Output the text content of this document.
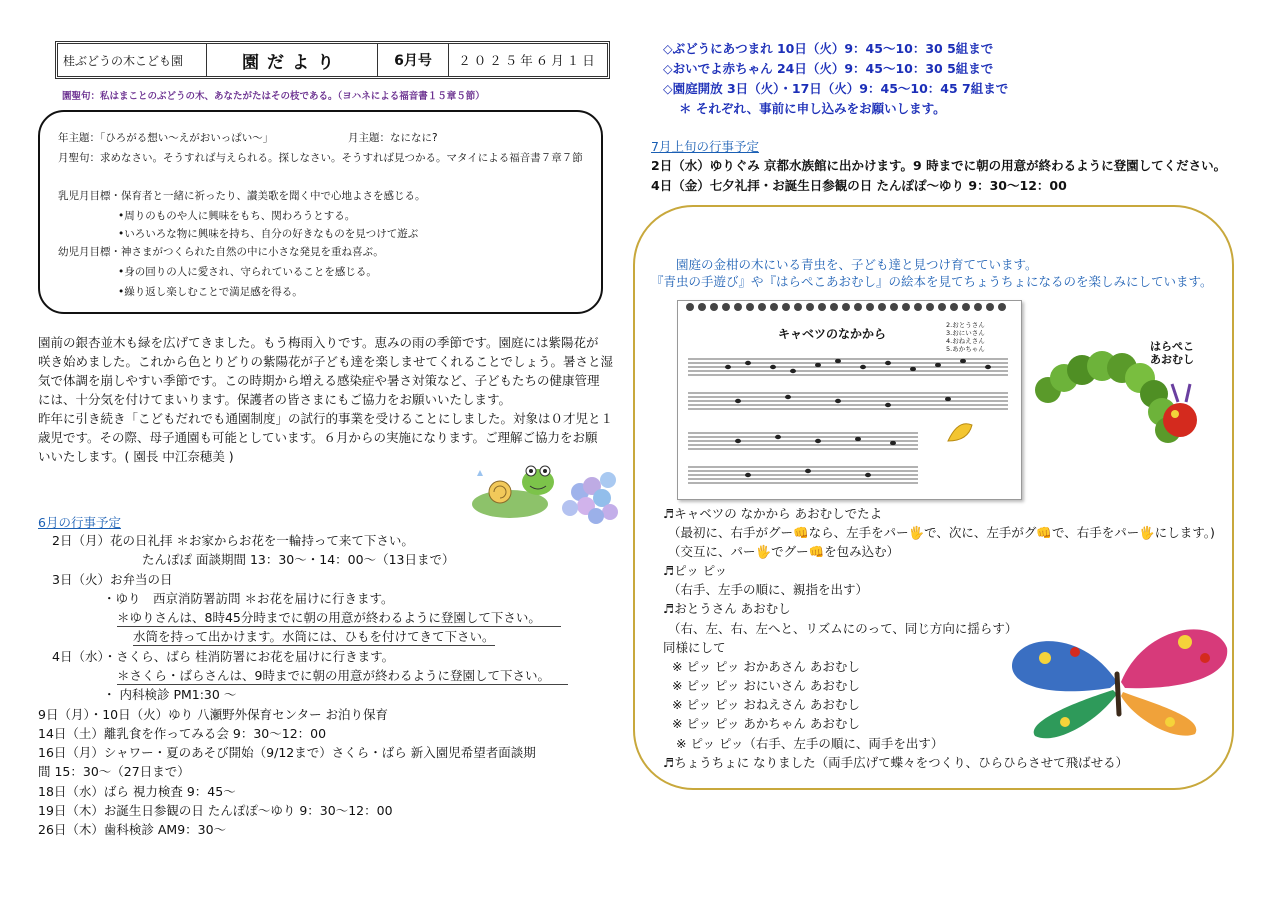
桂ぶどうの木こども園	園だより	6月号	２０２５年６月１日
園聖句：私はまことのぶどうの木、あなたがたはその枝である。（ヨハネによる福音書１５章５節）
年主題：「ひろがる想い～えがおいっぱい～」	月主題：なになに?
月聖句：求めなさい。そうすれば与えられる。探しなさい。そうすれば見つかる。マタイによる福音書７章７節
乳児月目標・保育者と一緒に祈ったり、讃美歌を聞く中で心地よさを感じる。
•周りのものや人に興味をもち、関わろうとする。
•いろいろな物に興味を持ち、自分の好きなものを見つけて遊ぶ
幼児月目標・神さまがつくられた自然の中に小さな発見を重ね喜ぶ。
•身の回りの人に愛され、守られていることを感じる。
•繰り返し楽しむことで満足感を得る。
園前の銀杏並木も緑を広げてきました。もう梅雨入りです。恵みの雨の季節です。園庭には紫陽花が
咲き始めました。これから色とりどりの紫陽花が子ども達を楽しませてくれることでしょう。暑さと湿
気で体調を崩しやすい季節です。この時期から増える感染症や暑さ対策など、子どもたちの健康管理
には、十分気を付けてまいります。保護者の皆さまにもご協力をお願いいたします。
昨年に引き続き「こどもだれでも通園制度」の試行的事業を受けることにしました。対象は０才児と１
歳児です。その際、母子通園も可能としています。６月からの実施になります。ご理解ご協力をお願
いいたします。( 園長 中江奈穂美 )
6月の行事予定
2日（月）花の日礼拝 ＊お家からお花を一輪持って来て下さい。
たんぽぽ 面談期間 13：30～・14：00～（13日まで）
3日（火）お弁当の日
・ゆり　西京消防署訪問 ＊お花を届けに行きます。
＊ゆりさんは、8時45分時までに朝の用意が終わるように登園して下さい。
水筒を持って出かけます。水筒には、ひもを付けてきて下さい。
4日（水）・さくら、ばら 桂消防署にお花を届けに行きます。
＊さくら・ばらさんは、9時までに朝の用意が終わるように登園して下さい。
・ 内科検診 PM1:30 ～
9日（月）・10日（火）ゆり 八瀬野外保育センター お泊り保育
14日（土）離乳食を作ってみる会 9：30～12：00
16日（月）シャワー・夏のあそび開始（9/12まで）さくら・ばら 新入園児希望者面談期
間 15：30～（27日まで）
18日（水）ばら 視力検査 9：45～
19日（木）お誕生日参観の日 たんぽぽ～ゆり 9：30～12：00
26日（木）歯科検診 AM9：30～
◇ぶどうにあつまれ 10日（火）9：45～10：30 5組まで
◇おいでよ赤ちゃん 24日（火）9：45～10：30 5組まで
◇園庭開放 3日（火）・17日（火）9：45～10：45 7組まで
＊ それぞれ、事前に申し込みをお願いします。
7月上旬の行事予定
2日（水）ゆりぐみ 京都水族館に出かけます。9 時までに朝の用意が終わるように登園してください。
4日（金）七夕礼拝・お誕生日参観の日 たんぽぽ～ゆり 9：30～12：00
園庭の金柑の木にいる青虫を、子ども達と見つけ育てています。
『青虫の手遊び』や『はらぺこあおむし』の絵本を見てちょうちょになるのを楽しみにしています。
キャベツのなかから
2.おとうさん
3.おにいさん
4.おねえさん
5.あかちゃん	はらぺこ
あおむし
♬キャベツの なかから あおむしでたよ
（最初に、右手がグー👊なら、左手をパー🖐で、次に、左手がグ👊で、右手をパー🖐にします。)
（交互に、パー🖐でグー👊を包み込む）
♬ピッ ピッ
（右手、左手の順に、親指を出す）
♬おとうさん あおむし
（右、左、右、左へと、リズムにのって、同じ方向に揺らす）
同様にして
※ ピッ ピッ おかあさん あおむし
※ ピッ ピッ おにいさん あおむし
※ ピッ ピッ おねえさん あおむし
※ ピッ ピッ あかちゃん あおむし
※ ピッ ピッ（右手、左手の順に、両手を出す）
♬ちょうちょに なりました（両手広げて蝶々をつくり、ひらひらさせて飛ばせる）
